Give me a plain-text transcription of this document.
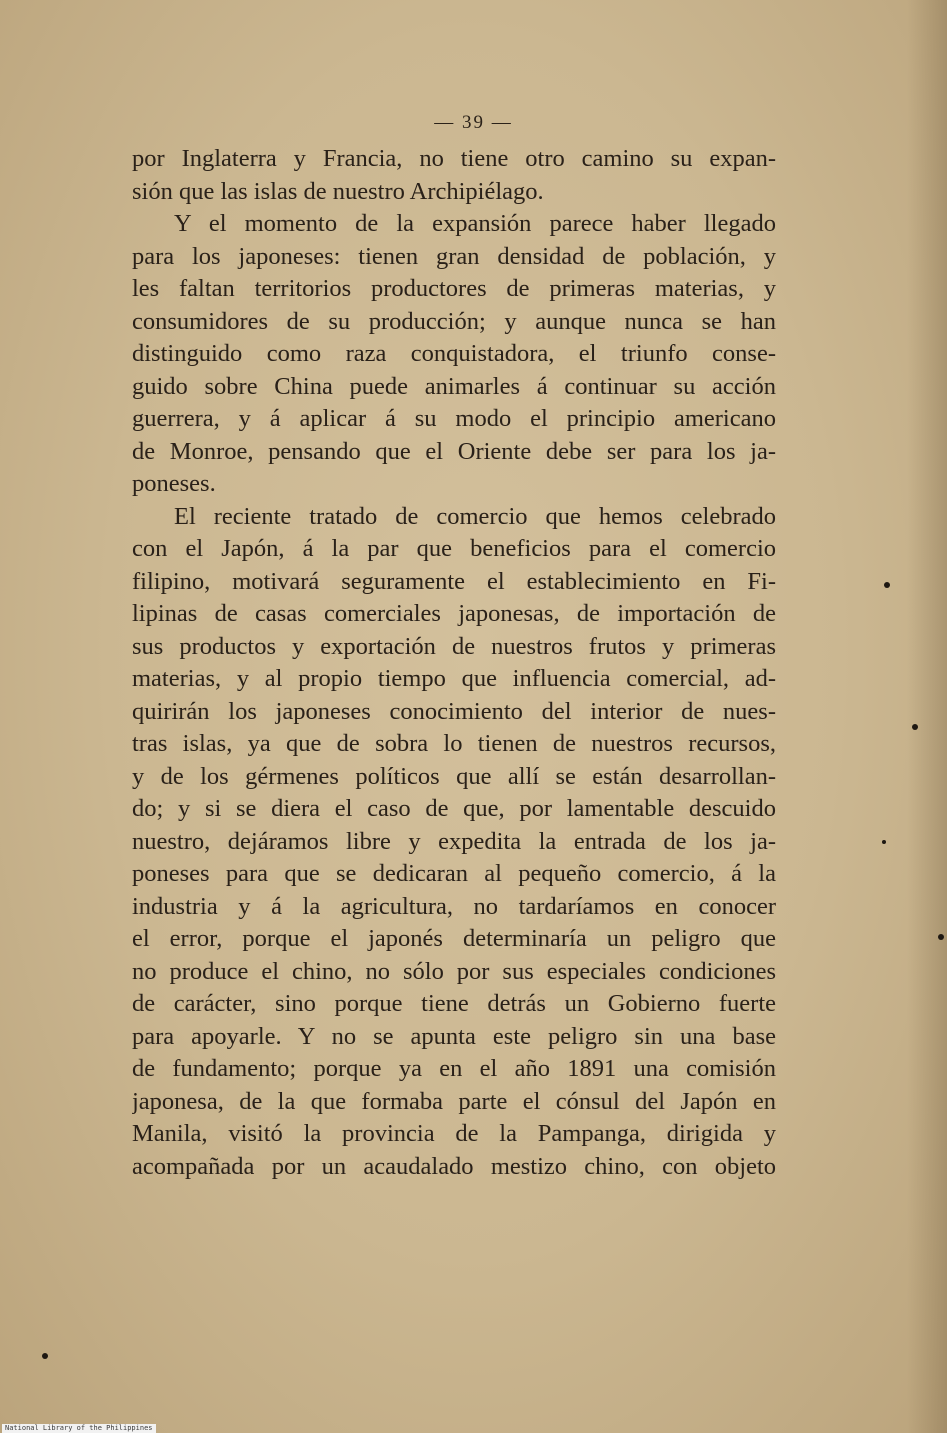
— 39 —
por Inglaterra y Francia, no tiene otro camino su expan-
sión que las islas de nuestro Archipiélago.
Y el momento de la expansión parece haber llegado
para los japoneses: tienen gran densidad de población, y
les faltan territorios productores de primeras materias, y
consumidores de su producción; y aunque nunca se han
distinguido como raza conquistadora, el triunfo conse-
guido sobre China puede animarles á continuar su acción
guerrera, y á aplicar á su modo el principio americano
de Monroe, pensando que el Oriente debe ser para los ja-
poneses.
El reciente tratado de comercio que hemos celebrado
con el Japón, á la par que beneficios para el comercio
filipino, motivará seguramente el establecimiento en Fi-
lipinas de casas comerciales japonesas, de importación de
sus productos y exportación de nuestros frutos y primeras
materias, y al propio tiempo que influencia comercial, ad-
quirirán los japoneses conocimiento del interior de nues-
tras islas, ya que de sobra lo tienen de nuestros recursos,
y de los gérmenes políticos que allí se están desarrollan-
do; y si se diera el caso de que, por lamentable descuido
nuestro, dejáramos libre y expedita la entrada de los ja-
poneses para que se dedicaran al pequeño comercio, á la
industria y á la agricultura, no tardaríamos en conocer
el error, porque el japonés determinaría un peligro que
no produce el chino, no sólo por sus especiales condiciones
de carácter, sino porque tiene detrás un Gobierno fuerte
para apoyarle. Y no se apunta este peligro sin una base
de fundamento; porque ya en el año 1891 una comisión
japonesa, de la que formaba parte el cónsul del Japón en
Manila, visitó la provincia de la Pampanga, dirigida y
acompañada por un acaudalado mestizo chino, con objeto
National Library of the Philippines
